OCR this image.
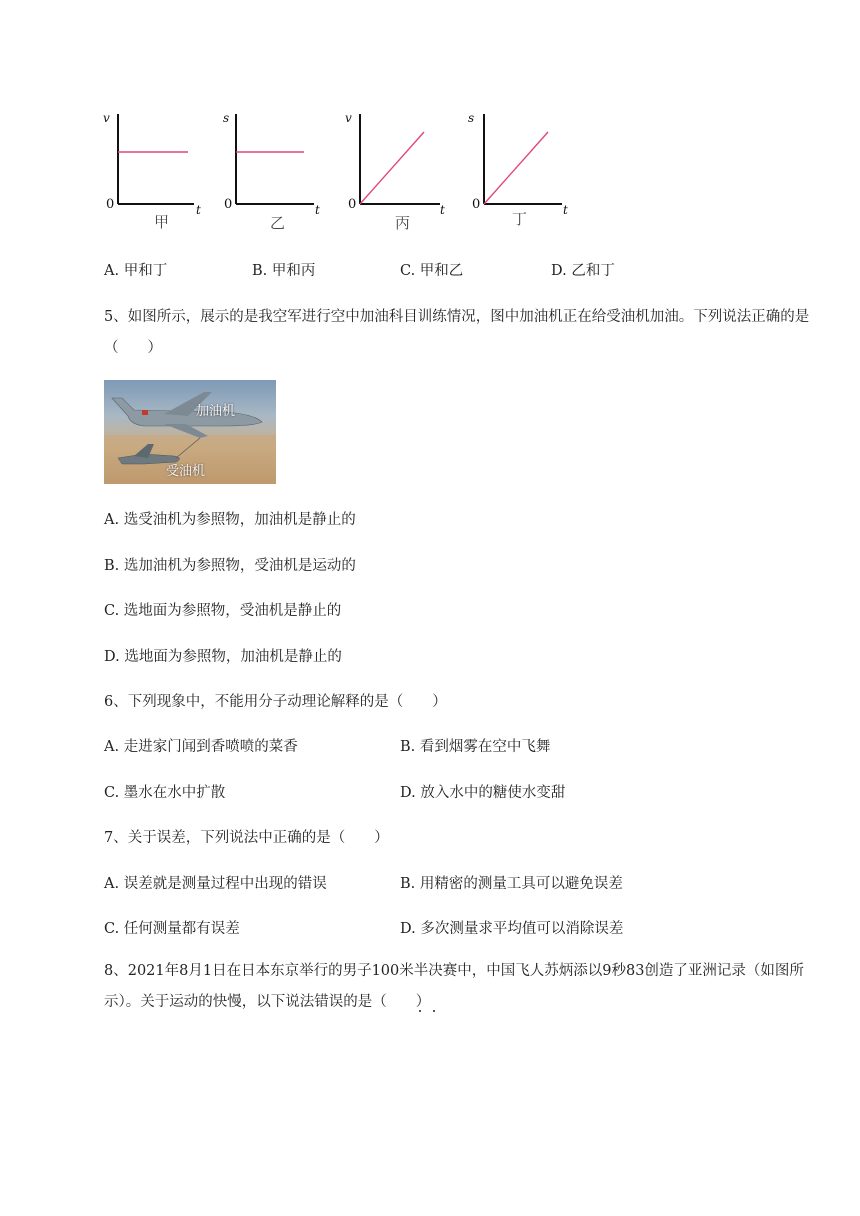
v
0	t
甲
s
0	t
乙
v
0	t
丙
s
0	t
丁
A. 甲和丁	B. 甲和丙	C. 甲和乙	D. 乙和丁
5、如图所示，展示的是我空军进行空中加油科目训练情况，图中加油机正在给受油机加油。下列说法正确的是（　　）
加油机
受油机
A. 选受油机为参照物，加油机是静止的
B. 选加油机为参照物，受油机是运动的
C. 选地面为参照物，受油机是静止的
D. 选地面为参照物，加油机是静止的
6、下列现象中，不能用分子动理论解释的是（　　）
A. 走进家门闻到香喷喷的菜香	B. 看到烟雾在空中飞舞
C. 墨水在水中扩散	D. 放入水中的糖使水变甜
7、关于误差，下列说法中正确的是（　　）
A. 误差就是测量过程中出现的错误	B. 用精密的测量工具可以避免误差
C. 任何测量都有误差	D. 多次测量求平均值可以消除误差
8、2021年8月1日在日本东京举行的男子100米半决赛中，中国飞人苏炳添以9秒83创造了亚洲记录（如图所示）。关于运动的快慢，以下说法错误的是（　　）
